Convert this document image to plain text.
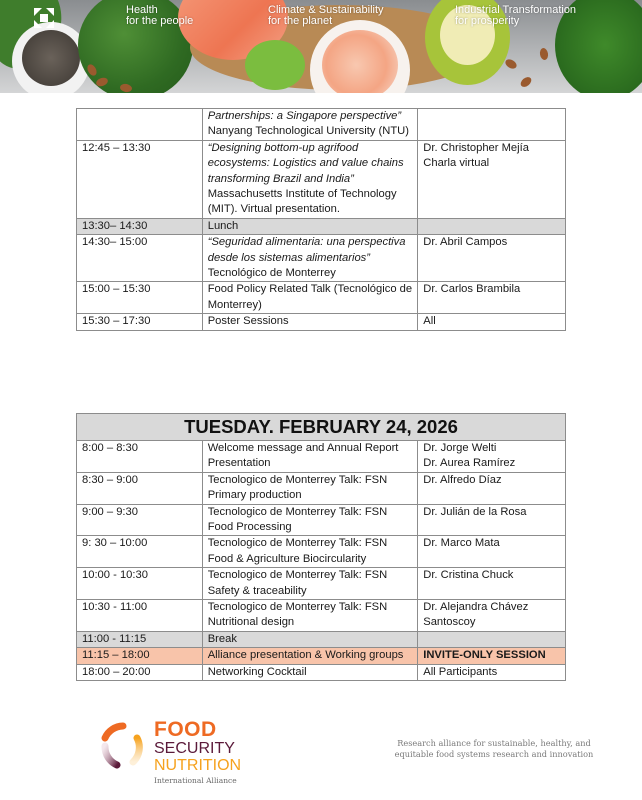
Health
for the people
Climate & Sustainability
for the planet
Industrial Transformation
for prosperity

	Partnerships: a Singapore perspective”
Nanyang Technological University (NTU)	

12:45 – 13:30	“Designing bottom-up agrifood ecosystems: Logistics and value chains transforming Brazil and India”
Massachusetts Institute of Technology (MIT). Virtual presentation.	Dr. Christopher Mejía
Charla virtual

13:30– 14:30	Lunch	
14:30– 15:00	“Seguridad alimentaria: una perspectiva desde los sistemas alimentarios” Tecnológico de Monterrey	Dr. Abril Campos
15:00 – 15:30	Food Policy Related Talk (Tecnológico de Monterrey)	Dr. Carlos Brambila
15:30 – 17:30	Poster Sessions	All
TUESDAY. FEBRUARY 24, 2026		
8:00 – 8:30	Welcome message and Annual Report Presentation	Dr. Jorge Welti
Dr. Aurea Ramírez

8:30 – 9:00	Tecnologico de Monterrey Talk: FSN
Primary production	Dr. Alfredo Díaz
9:00 – 9:30	Tecnologico de Monterrey Talk: FSN
Food Processing	Dr. Julián de la Rosa
9: 30 – 10:00	Tecnologico de Monterrey Talk: FSN
Food & Agriculture Biocircularity	Dr. Marco Mata
10:00 - 10:30	Tecnologico de Monterrey Talk: FSN
Safety & traceability	Dr. Cristina Chuck
10:30 - 11:00	Tecnologico de Monterrey Talk: FSN
Nutritional design	Dr. Alejandra Chávez Santoscoy
11:00 - 11:15	Break	
11:15 – 18:00	Alliance presentation & Working groups	INVITE-ONLY SESSION
18:00 – 20:00	Networking Cocktail	All Participants
FOOD
SECURITY
NUTRITION
International Alliance
Research alliance for sustainable, healthy, and
equitable food systems research and innovation
